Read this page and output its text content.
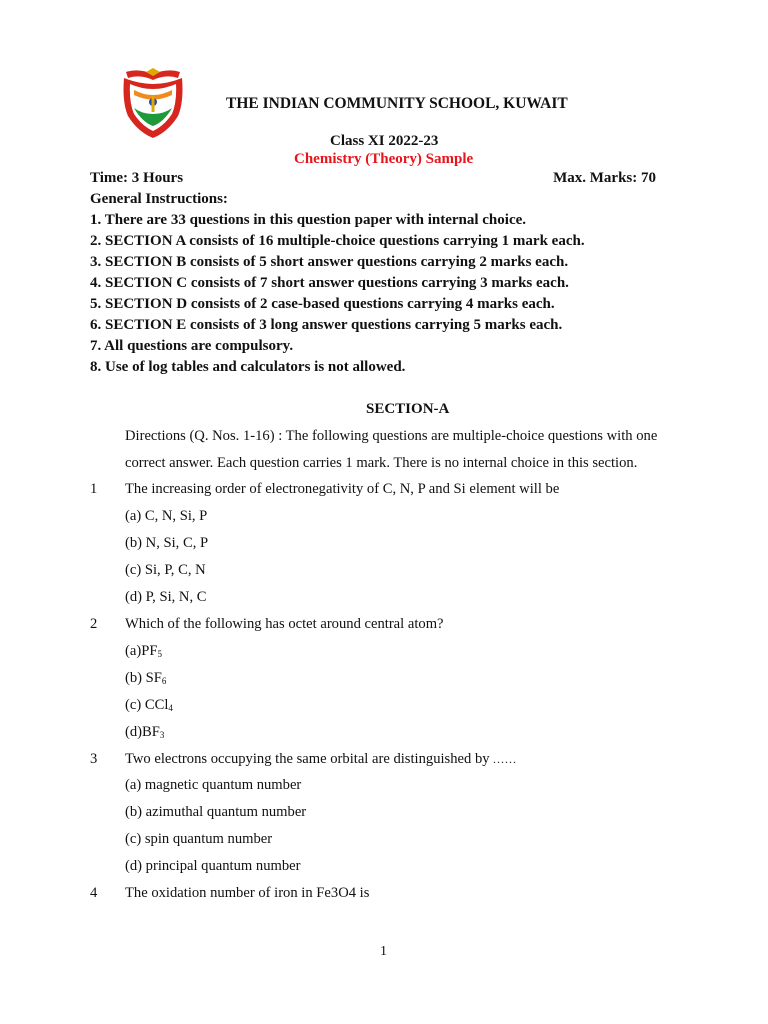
THE INDIAN COMMUNITY SCHOOL, KUWAIT
Class XI 2022-23
Chemistry (Theory) Sample
Time: 3 Hours	Max. Marks: 70
General Instructions:
1. There are 33 questions in this question paper with internal choice.
2. SECTION A consists of 16 multiple-choice questions carrying 1 mark each.
3. SECTION B consists of 5 short answer questions carrying 2 marks each.
4. SECTION C consists of 7 short answer questions carrying 3 marks each.
5. SECTION D consists of 2 case-based questions carrying 4 marks each.
6. SECTION E consists of 3 long answer questions carrying 5 marks each.
7. All questions are compulsory.
8. Use of log tables and calculators is not allowed.
SECTION-A
Directions (Q. Nos. 1-16) : The following questions are multiple-choice questions with one
correct answer. Each question carries 1 mark. There is no internal choice in this section.
1 The increasing order of electronegativity of C, N, P and Si element will be
(a) C, N, Si, P
(b) N, Si, C, P
(c) Si, P, C, N
(d) P, Si, N, C
2 Which of the following has octet around central atom?
$(a)PF_5$
(b) $SF_6$
(c) CCl$_4$
$(d)BF_3$
3 Two electrons occupying the same orbital are distinguished by ……
(a) magnetic quantum number
(b) azimuthal quantum number
(c) spin quantum number
(d) principal quantum number
4 The oxidation number of iron in Fe3O4 is
1
